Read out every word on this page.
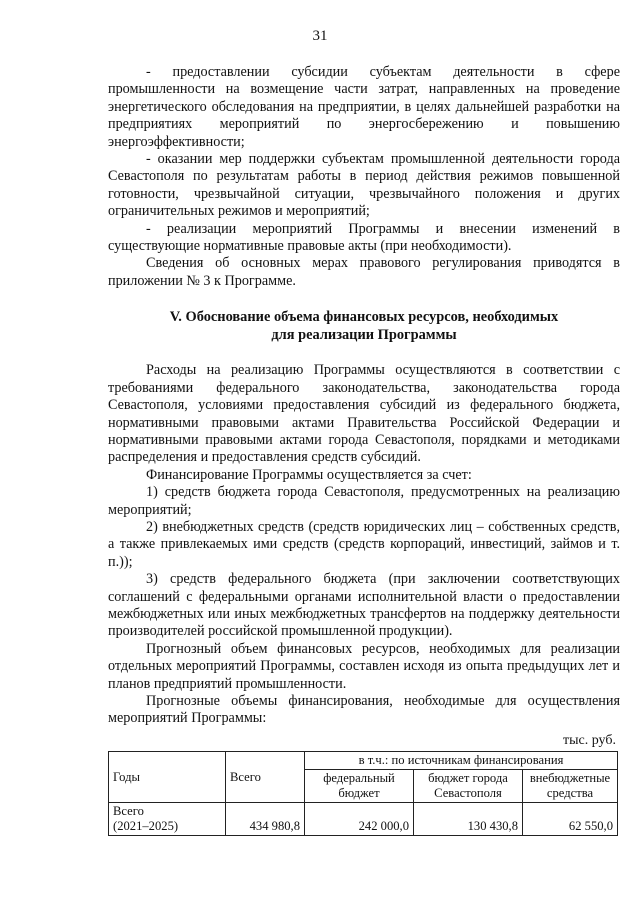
31

- предоставлении субсидии субъектам деятельности в сфере промышленности на возмещение части затрат, направленных на проведение энергетического обследования на предприятии, в целях дальнейшей разработки на предприятиях мероприятий по энергосбережению и повышению энергоэффективности;

- оказании мер поддержки субъектам промышленной деятельности города Севастополя по результатам работы в период действия режимов повышенной готовности, чрезвычайной ситуации, чрезвычайного положения и других ограничительных режимов и мероприятий;

- реализации мероприятий Программы и внесении изменений в существующие нормативные правовые акты (при необходимости).

Сведения об основных мерах правового регулирования приводятся в приложении № 3 к Программе.

V. Обоснование объема финансовых ресурсов, необходимых
для реализации Программы

Расходы на реализацию Программы осуществляются в соответствии с требованиями федерального законодательства, законодательства города Севастополя, условиями предоставления субсидий из федерального бюджета, нормативными правовыми актами Правительства Российской Федерации и нормативными правовыми актами города Севастополя, порядками и методиками распределения и предоставления средств субсидий.

Финансирование Программы осуществляется за счет:

1) средств бюджета города Севастополя, предусмотренных на реализацию мероприятий;

2) внебюджетных средств (средств юридических лиц – собственных средств, а также привлекаемых ими средств (средств корпораций, инвестиций, займов и т. п.));

3) средств федерального бюджета (при заключении соответствующих соглашений с федеральными органами исполнительной власти о предоставлении межбюджетных или иных межбюджетных трансфертов на поддержку деятельности производителей российской промышленной продукции).

Прогнозный объем финансовых ресурсов, необходимых для реализации отдельных мероприятий Программы, составлен исходя из опыта предыдущих лет и планов предприятий промышленности.

Прогнозные объемы финансирования, необходимые для осуществления мероприятий Программы:

тыс. руб.
Годы	Всего	в т.ч.: по источникам финансирования		
		федеральный бюджет	бюджет города Севастополя	внебюджетные средства

Всего
(2021–2025)	434 980,8	242 000,0	130 430,8	62 550,0
